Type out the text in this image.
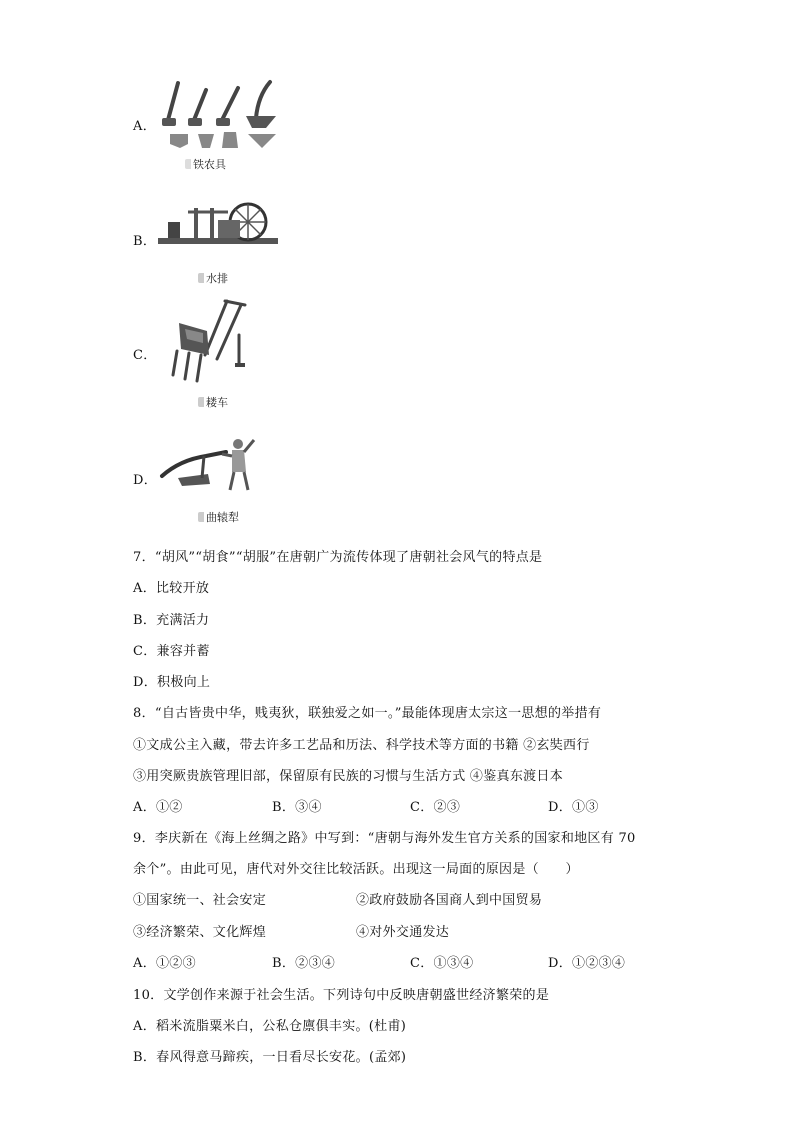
A．
铁农具
B．
水排
C．
耧车
D．
曲辕犁
7．“胡风”“胡食”“胡服”在唐朝广为流传体现了唐朝社会风气的特点是
A．比较开放
B．充满活力
C．兼容并蓄
D．积极向上
8．“自古皆贵中华，贱夷狄，联独爱之如一。”最能体现唐太宗这一思想的举措有
①文成公主入藏，带去许多工艺品和历法、科学技术等方面的书籍 ②玄奘西行
③用突厥贵族管理旧部，保留原有民族的习惯与生活方式 ④鉴真东渡日本
A．①②	B．③④	C．②③	D．①③
9．李庆新在《海上丝绸之路》中写到：“唐朝与海外发生官方关系的国家和地区有 70
余个”。由此可见，唐代对外交往比较活跃。出现这一局面的原因是（　　）
①国家统一、社会安定	②政府鼓励各国商人到中国贸易
③经济繁荣、文化辉煌	④对外交通发达
A．①②③	B．②③④	C．①③④	D．①②③④
10．文学创作来源于社会生活。下列诗句中反映唐朝盛世经济繁荣的是
A．稻米流脂粟米白，公私仓廪俱丰实。(杜甫)
B．春风得意马蹄疾，一日看尽长安花。(孟郊)
